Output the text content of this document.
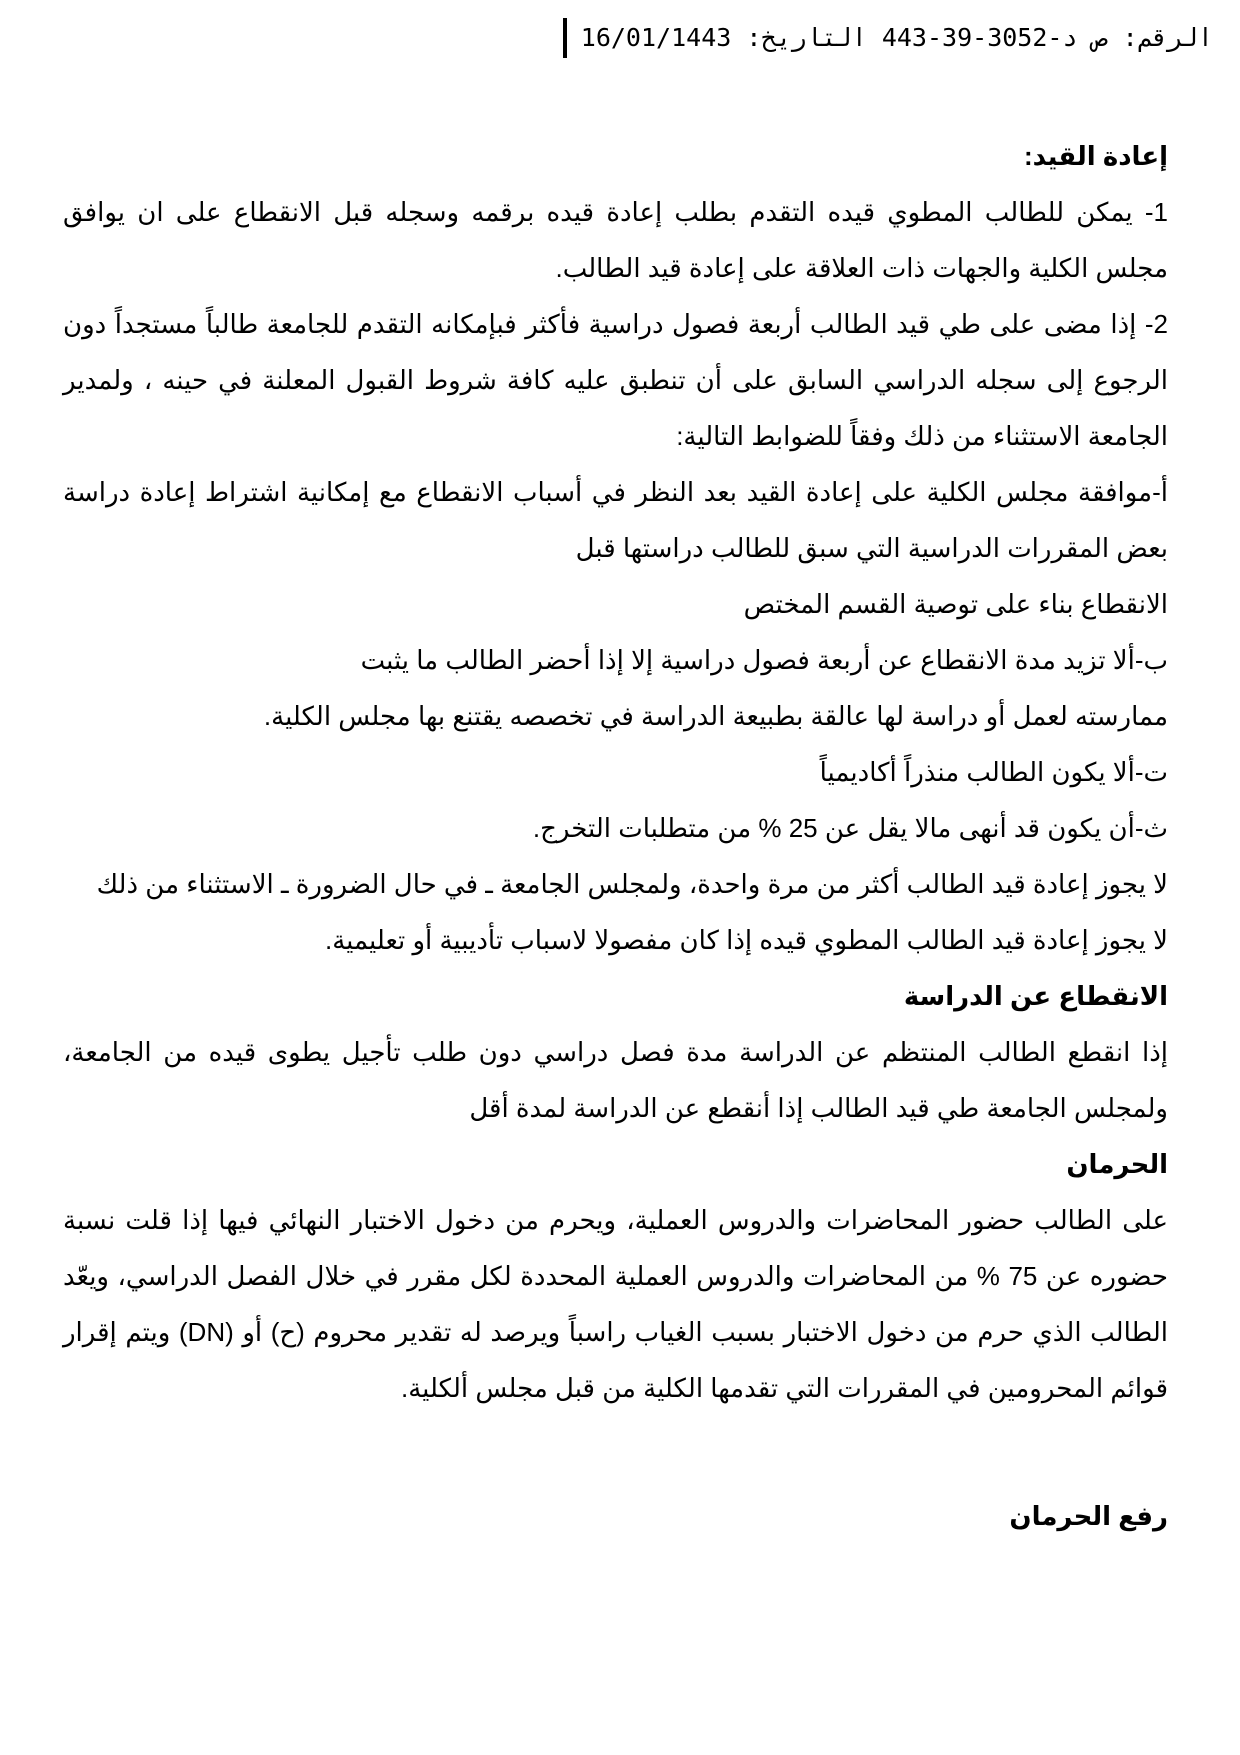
الرقم: ص د-3052-39-443 التاريخ: 16/01/1443

إعادة القيد:

1- يمكن للطالب المطوي قيده التقدم بطلب إعادة قيده برقمه وسجله قبل الانقطاع على ان يوافق مجلس الكلية والجهات ذات العلاقة على إعادة قيد الطالب.

2- إذا مضى على طي قيد الطالب أربعة فصول دراسية فأكثر فبإمكانه التقدم للجامعة طالباً مستجداً دون الرجوع إلى سجله الدراسي السابق على أن تنطبق عليه كافة شروط القبول المعلنة في حينه ، ولمدير الجامعة الاستثناء من ذلك وفقاً للضوابط التالية:

أ-موافقة مجلس الكلية على إعادة القيد بعد النظر في أسباب الانقطاع مع إمكانية اشتراط إعادة دراسة بعض المقررات الدراسية التي سبق للطالب دراستها قبل

الانقطاع بناء على توصية القسم المختص

ب-ألا تزيد مدة الانقطاع عن أربعة فصول دراسية إلا إذا أحضر الطالب ما يثبت

ممارسته لعمل أو دراسة لها عالقة بطبيعة الدراسة في تخصصه يقتنع بها مجلس الكلية.

ت-ألا يكون الطالب منذراً أكاديمياً

ث-أن يكون قد أنهى مالا يقل عن 25 % من متطلبات التخرج.

لا يجوز إعادة قيد الطالب أكثر من مرة واحدة، ولمجلس الجامعة ـ في حال الضرورة ـ الاستثناء من ذلك

لا يجوز إعادة قيد الطالب المطوي قيده إذا كان مفصولا لاسباب تأديبية أو تعليمية.

الانقطاع عن الدراسة

إذا انقطع الطالب المنتظم عن الدراسة مدة فصل دراسي دون طلب تأجيل يطوى قيده من الجامعة، ولمجلس الجامعة طي قيد الطالب إذا أنقطع عن الدراسة لمدة أقل

الحرمان

على الطالب حضور المحاضرات والدروس العملية، ويحرم من دخول الاختبار النهائي فيها إذا قلت نسبة حضوره عن 75 % من المحاضرات والدروس العملية المحددة لكل مقرر في خلال الفصل الدراسي، ويعّد الطالب الذي حرم من دخول الاختبار بسبب الغياب راسباً ويرصد له تقدير محروم (ح) أو (DN) ويتم إقرار قوائم المحرومين في المقررات التي تقدمها الكلية من قبل مجلس ألكلية.

رفع الحرمان
